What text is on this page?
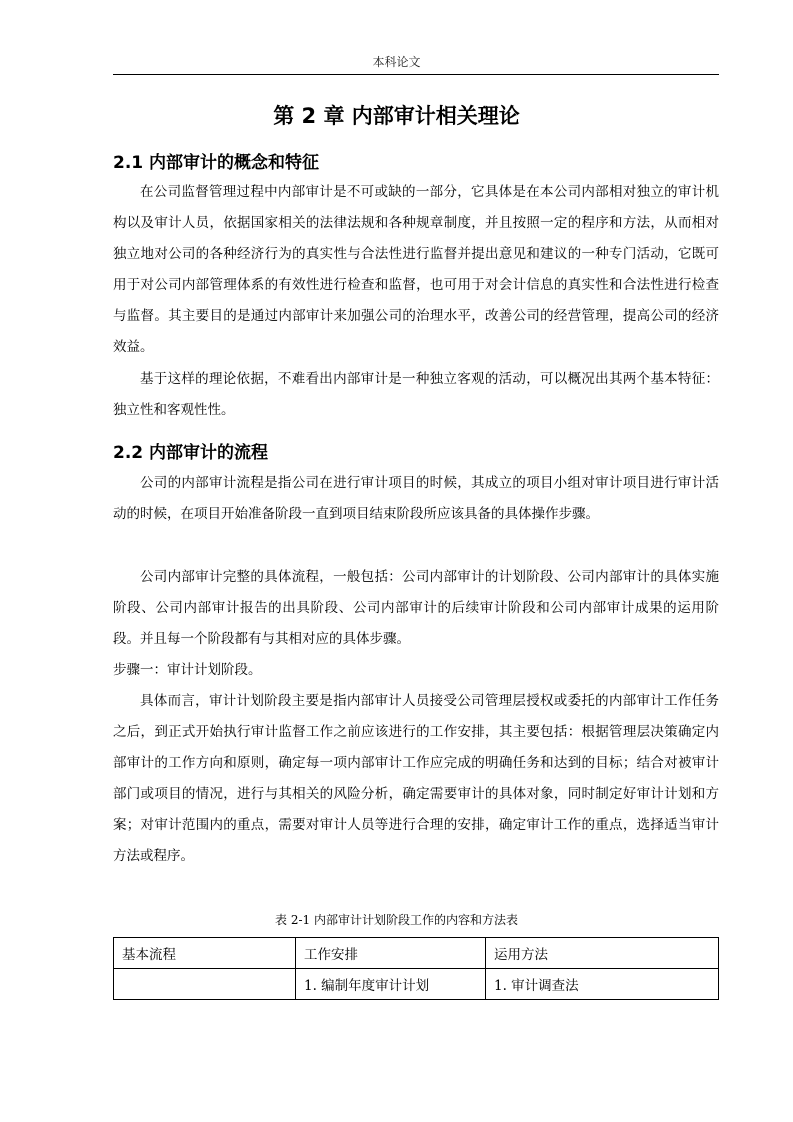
本科论文
第 2 章 内部审计相关理论
2.1 内部审计的概念和特征

在公司监督管理过程中内部审计是不可或缺的一部分，它具体是在本公司内部相对独立的审计机构以及审计人员，依据国家相关的法律法规和各种规章制度，并且按照一定的程序和方法，从而相对独立地对公司的各种经济行为的真实性与合法性进行监督并提出意见和建议的一种专门活动，它既可用于对公司内部管理体系的有效性进行检查和监督，也可用于对会计信息的真实性和合法性进行检查与监督。其主要目的是通过内部审计来加强公司的治理水平，改善公司的经营管理，提高公司的经济效益。

基于这样的理论依据，不难看出内部审计是一种独立客观的活动，可以概况出其两个基本特征：独立性和客观性性。

2.2 内部审计的流程

公司的内部审计流程是指公司在进行审计项目的时候，其成立的项目小组对审计项目进行审计活动的时候，在项目开始准备阶段一直到项目结束阶段所应该具备的具体操作步骤。

公司内部审计完整的具体流程，一般包括：公司内部审计的计划阶段、公司内部审计的具体实施阶段、公司内部审计报告的出具阶段、公司内部审计的后续审计阶段和公司内部审计成果的运用阶段。并且每一个阶段都有与其相对应的具体步骤。

步骤一：审计计划阶段。

具体而言，审计计划阶段主要是指内部审计人员接受公司管理层授权或委托的内部审计工作任务之后，到正式开始执行审计监督工作之前应该进行的工作安排，其主要包括：根据管理层决策确定内部审计的工作方向和原则，确定每一项内部审计工作应完成的明确任务和达到的目标；结合对被审计部门或项目的情况，进行与其相关的风险分析，确定需要审计的具体对象，同时制定好审计计划和方案；对审计范围内的重点，需要对审计人员等进行合理的安排，确定审计工作的重点，选择适当审计方法或程序。

表 2-1 内部审计计划阶段工作的内容和方法表
基本流程	工作安排	运用方法
	1. 编制年度审计计划	1. 审计调查法
